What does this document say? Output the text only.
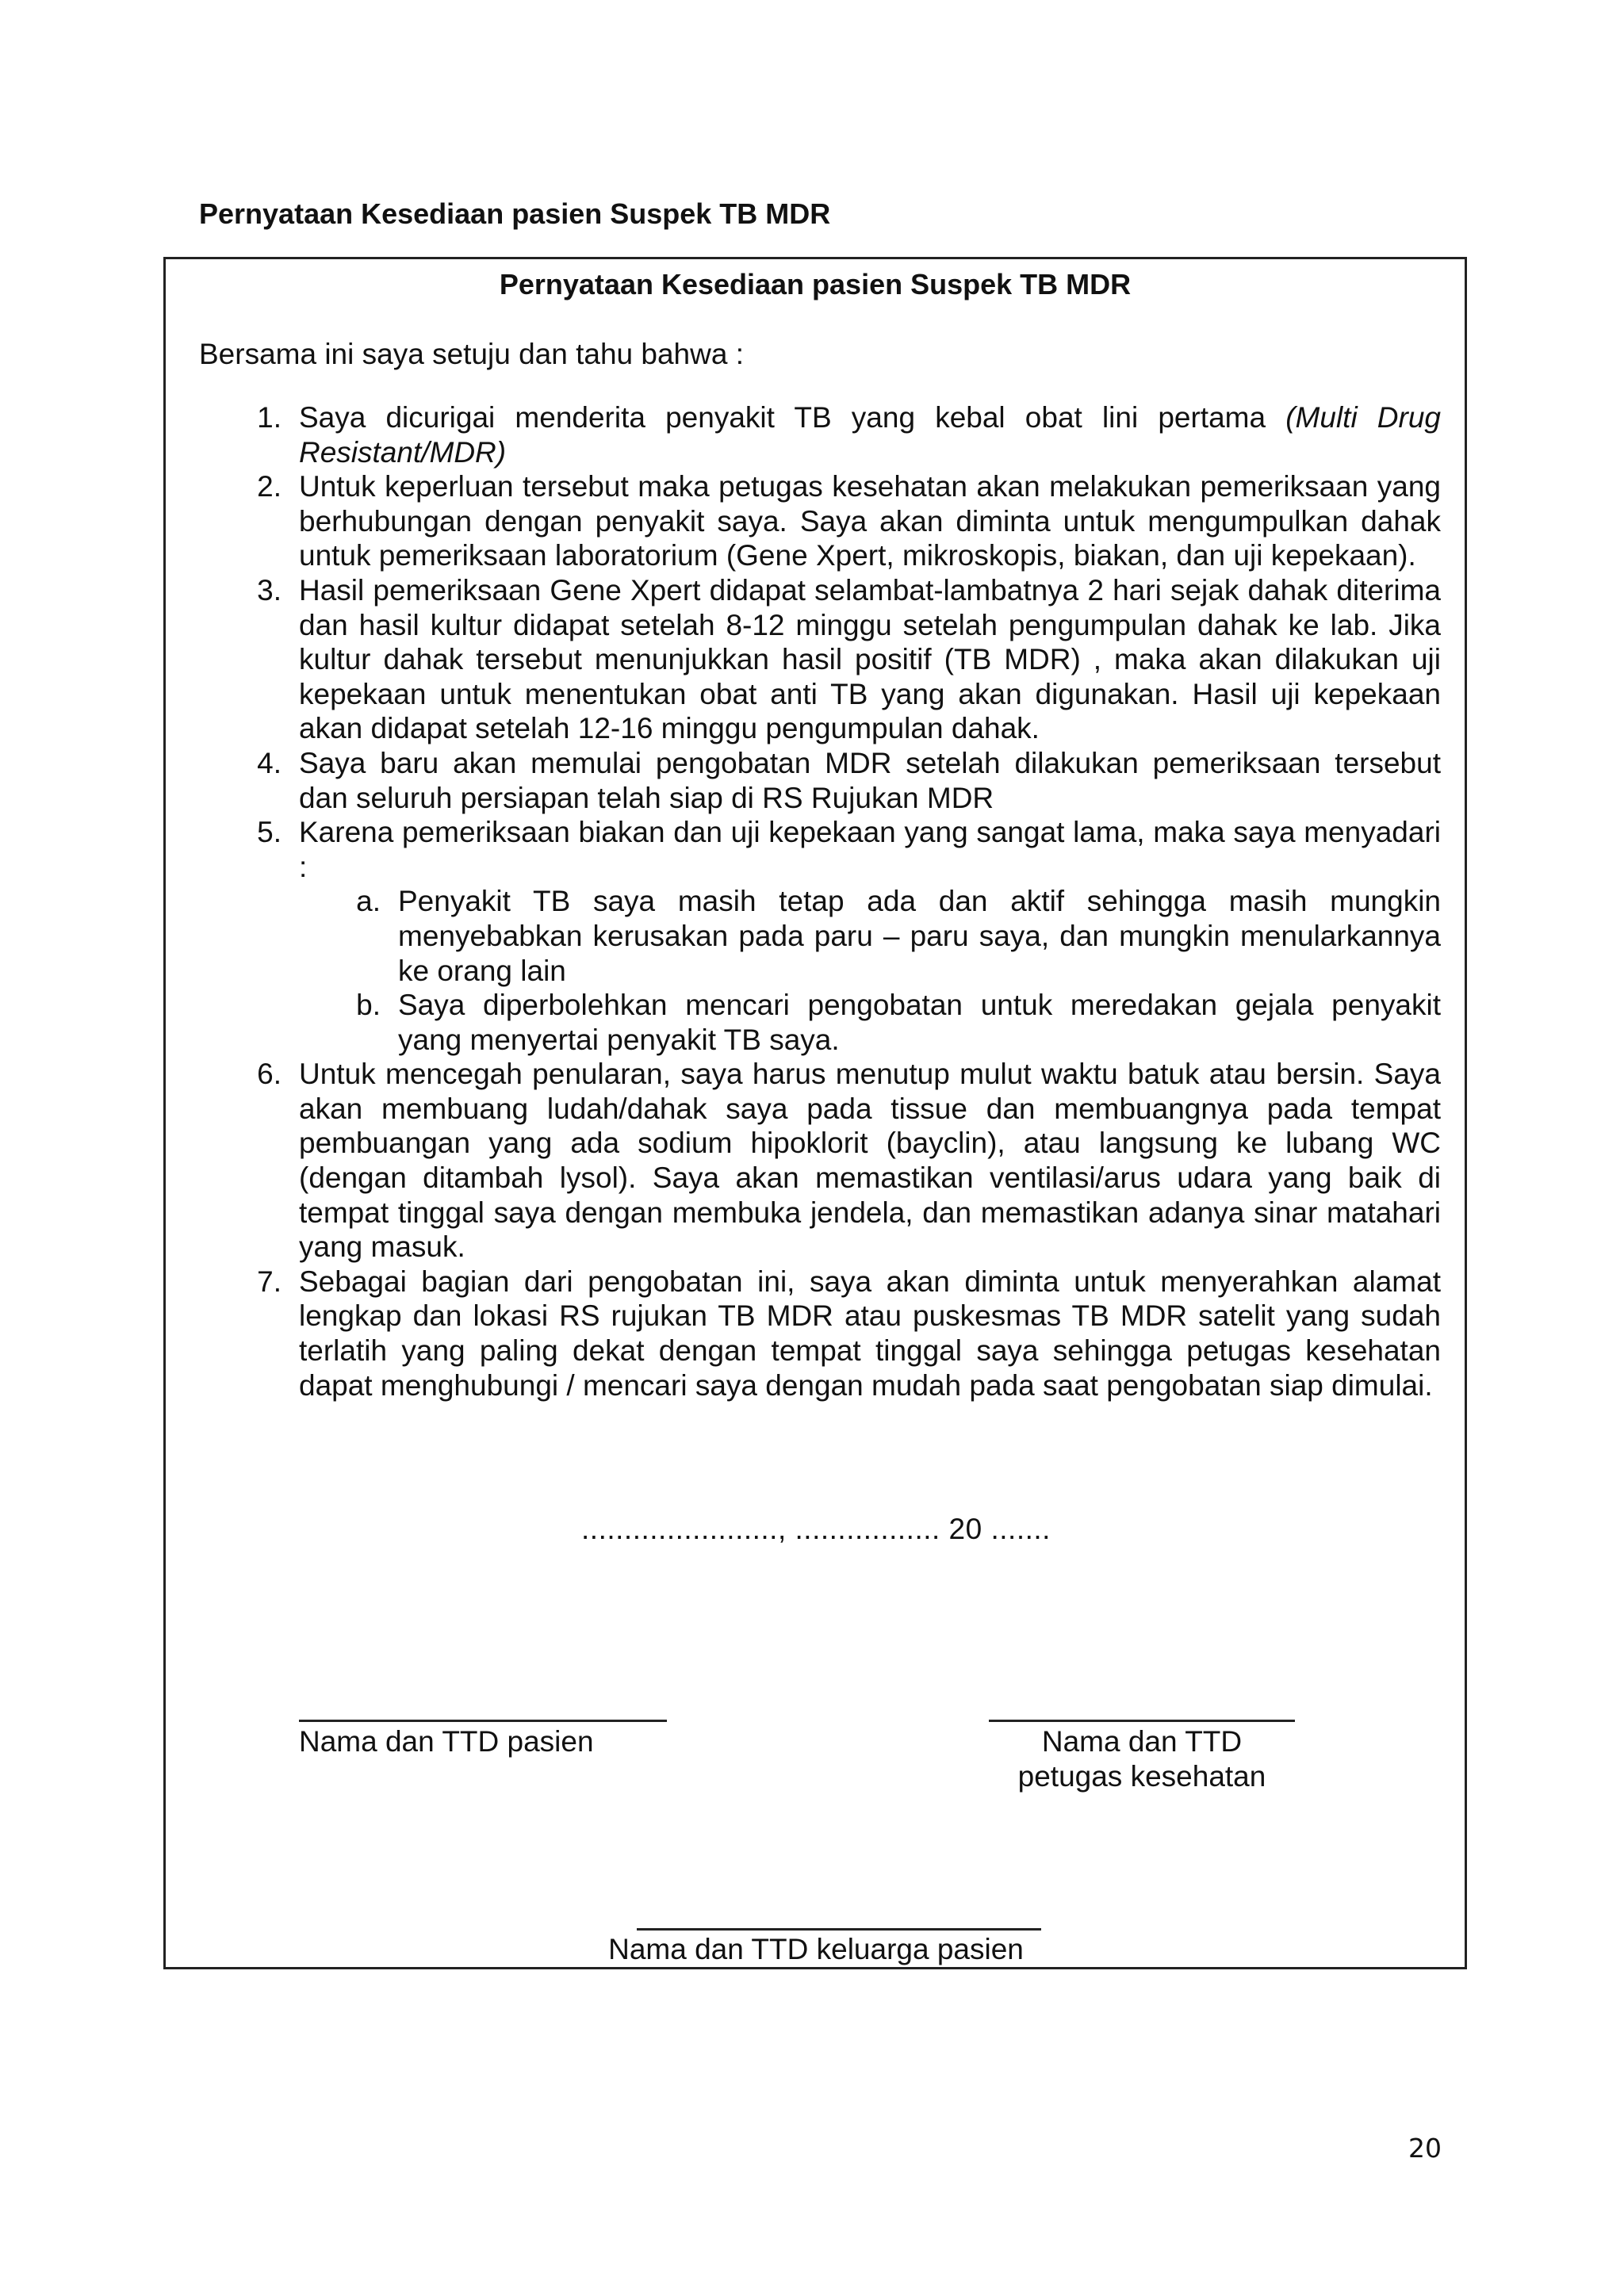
Pernyataan Kesediaan pasien Suspek TB MDR
Pernyataan Kesediaan pasien Suspek TB MDR
Bersama ini saya setuju dan tahu bahwa :
1. Saya dicurigai menderita penyakit TB yang kebal obat lini pertama (Multi Drug Resistant/MDR)
2. Untuk keperluan tersebut maka petugas kesehatan akan melakukan pemeriksaan yang berhubungan dengan penyakit saya. Saya akan diminta untuk mengumpulkan dahak untuk pemeriksaan laboratorium (Gene Xpert, mikroskopis, biakan, dan uji kepekaan).
3. Hasil pemeriksaan Gene Xpert didapat selambat-lambatnya 2 hari sejak dahak diterima dan hasil kultur didapat setelah 8-12 minggu setelah pengumpulan dahak ke lab. Jika kultur dahak tersebut menunjukkan hasil positif (TB MDR) , maka akan dilakukan uji kepekaan untuk menentukan obat anti TB yang akan digunakan. Hasil uji kepekaan akan didapat setelah 12-16 minggu pengumpulan dahak.
4. Saya baru akan memulai pengobatan MDR setelah dilakukan pemeriksaan tersebut dan seluruh persiapan telah siap di RS Rujukan MDR
5. Karena pemeriksaan biakan dan uji kepekaan yang sangat lama, maka saya menyadari :
a. Penyakit TB saya masih tetap ada dan aktif sehingga masih mungkin menyebabkan kerusakan pada paru – paru saya, dan mungkin menularkannya ke orang lain
b. Saya diperbolehkan mencari pengobatan untuk meredakan gejala penyakit yang menyertai penyakit TB saya.
6. Untuk mencegah penularan, saya harus menutup mulut waktu batuk atau bersin. Saya akan membuang ludah/dahak saya pada tissue dan membuangnya pada tempat pembuangan yang ada sodium hipoklorit (bayclin), atau langsung ke lubang WC (dengan ditambah lysol). Saya akan memastikan ventilasi/arus udara yang baik di tempat tinggal saya dengan membuka jendela, dan memastikan adanya sinar matahari yang masuk.
7. Sebagai bagian dari pengobatan ini, saya akan diminta untuk menyerahkan alamat lengkap dan lokasi RS rujukan TB MDR atau puskesmas TB MDR satelit yang sudah terlatih yang paling dekat dengan tempat tinggal saya sehingga petugas kesehatan dapat menghubungi / mencari saya dengan mudah pada saat pengobatan siap dimulai.
......................., ................. 20 .......
Nama dan TTD pasien	Nama dan TTD
petugas kesehatan
Nama dan TTD keluarga pasien
20
